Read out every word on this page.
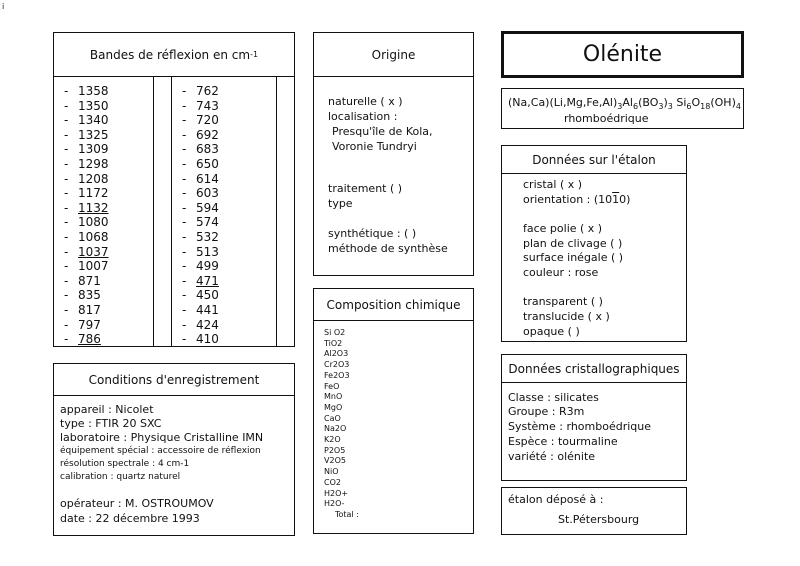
i
Bandes de réflexion en cm -1
- 1358
- 1350
- 1340
- 1325
- 1309
- 1298
- 1208
- 1172
- 1132
- 1080
- 1068
- 1037
- 1007
- 871
- 835
- 817
- 797
- 786
- 762
- 743
- 720
- 692
- 683
- 650
- 614
- 603
- 594
- 574
- 532
- 513
- 499
- 471
- 450
- 441
- 424
- 410
Origine
naturelle ( x )
localisation :
Presqu'île de Kola,
Voronie Tundryi
traitement ( )
type
synthétique : ( )
méthode de synthèse
Olénite
$(Na,Ca)(Li,Mg,Fe,Al)_3Al_6(BO_3)_3$ $Si_6O_{18}(OH)_4$
rhomboédrique
Données sur l'étalon
cristal ( x )
orientation : (1010)
face polie ( x )
plan de clivage ( )
surface inégale ( )
couleur : rose
transparent ( )
translucide ( x )
opaque ( )
Composition chimique
Si O2
TiO2
Al2O3
Cr2O3
Fe2O3
FeO
MnO
MgO
CaO
Na2O
K2O
P2O5
V2O5
NiO
CO2
H2O+
H2O-
Total :
Conditions d'enregistrement
appareil : Nicolet
type : FTIR 20 SXC
laboratoire : Physique Cristalline IMN
équipement spécial : accessoire de réflexion
résolution spectrale : 4 cm-1
calibration : quartz naturel
opérateur : M. OSTROUMOV
date : 22 décembre 1993
Données cristallographiques
Classe : silicates
Groupe : R3m
Système : rhomboédrique
Espèce : tourmaline
variété : olénite
étalon déposé à :
St.Pétersbourg
